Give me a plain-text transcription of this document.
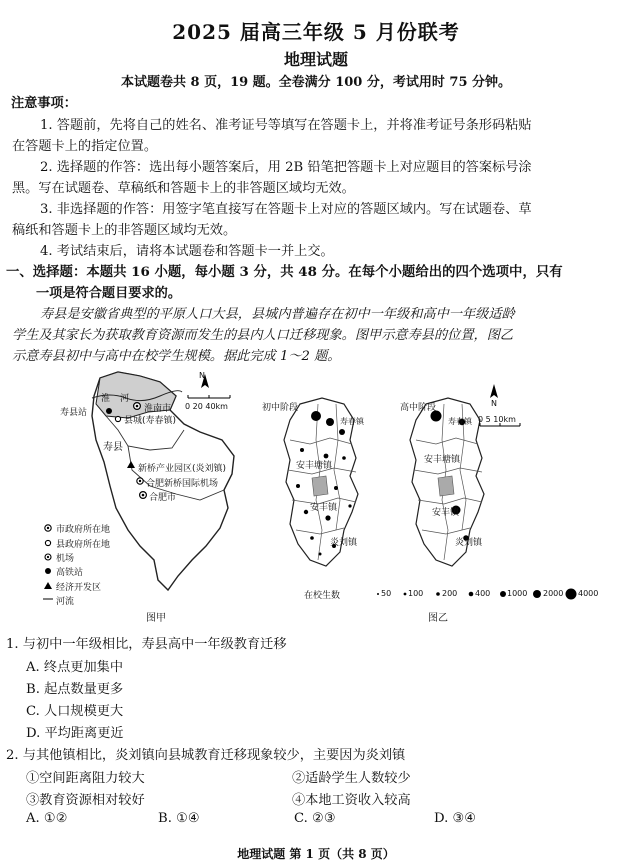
2025 届高三年级 5 月份联考
地理试题
本试题卷共 8 页，19 题。全卷满分 100 分，考试用时 75 分钟。
注意事项：
1. 答题前，先将自己的姓名、准考证号等填写在答题卡上，并将准考证号条形码粘贴
在答题卡上的指定位置。
2. 选择题的作答：选出每小题答案后，用 2B 铅笔把答题卡上对应题目的答案标号涂
黑。写在试题卷、草稿纸和答题卡上的非答题区域均无效。
3. 非选择题的作答：用签字笔直接写在答题卡上对应的答题区域内。写在试题卷、草
稿纸和答题卡上的非答题区域均无效。
4. 考试结束后，请将本试题卷和答题卡一并上交。
一、选择题：本题共 16 小题，每小题 3 分，共 48 分。在每个小题给出的四个选项中，只有
一项是符合题目要求的。
寿县是安徽省典型的平原人口大县，县城内普遍存在初中一年级和高中一年级适龄
学生及其家长为获取教育资源而发生的县内人口迁移现象。图甲示意寿县的位置，图乙
示意寿县初中与高中在校学生规模。据此完成 1～2 题。
淮 河
淮南市
寿县站
县城(寿春镇)
寿县
新桥产业园区(炎刘镇)
合肥新桥国际机场
合肥市
N
0 20 40km
市政府所在地
县政府所在地
机场
高铁站
经济开发区
河流
图甲
初中阶段	高中阶段
寿春镇	寿春镇
安丰塘镇
安丰塘镇
安丰镇	安丰镇
炎刘镇	炎刘镇
N
0 5 10km
在校生数	50 100 200 400 1000 2000 4000
图乙
1. 与初中一年级相比，寿县高中一年级教育迁移
A. 终点更加集中
B. 起点数量更多
C. 人口规模更大
D. 平均距离更近
2. 与其他镇相比，炎刘镇向县城教育迁移现象较少，主要因为炎刘镇
①空间距离阻力较大	②适龄学生人数较少
③教育资源相对较好	④本地工资收入较高
A. ①②	B. ①④	C. ②③	D. ③④
地理试题 第 1 页（共 8 页）
